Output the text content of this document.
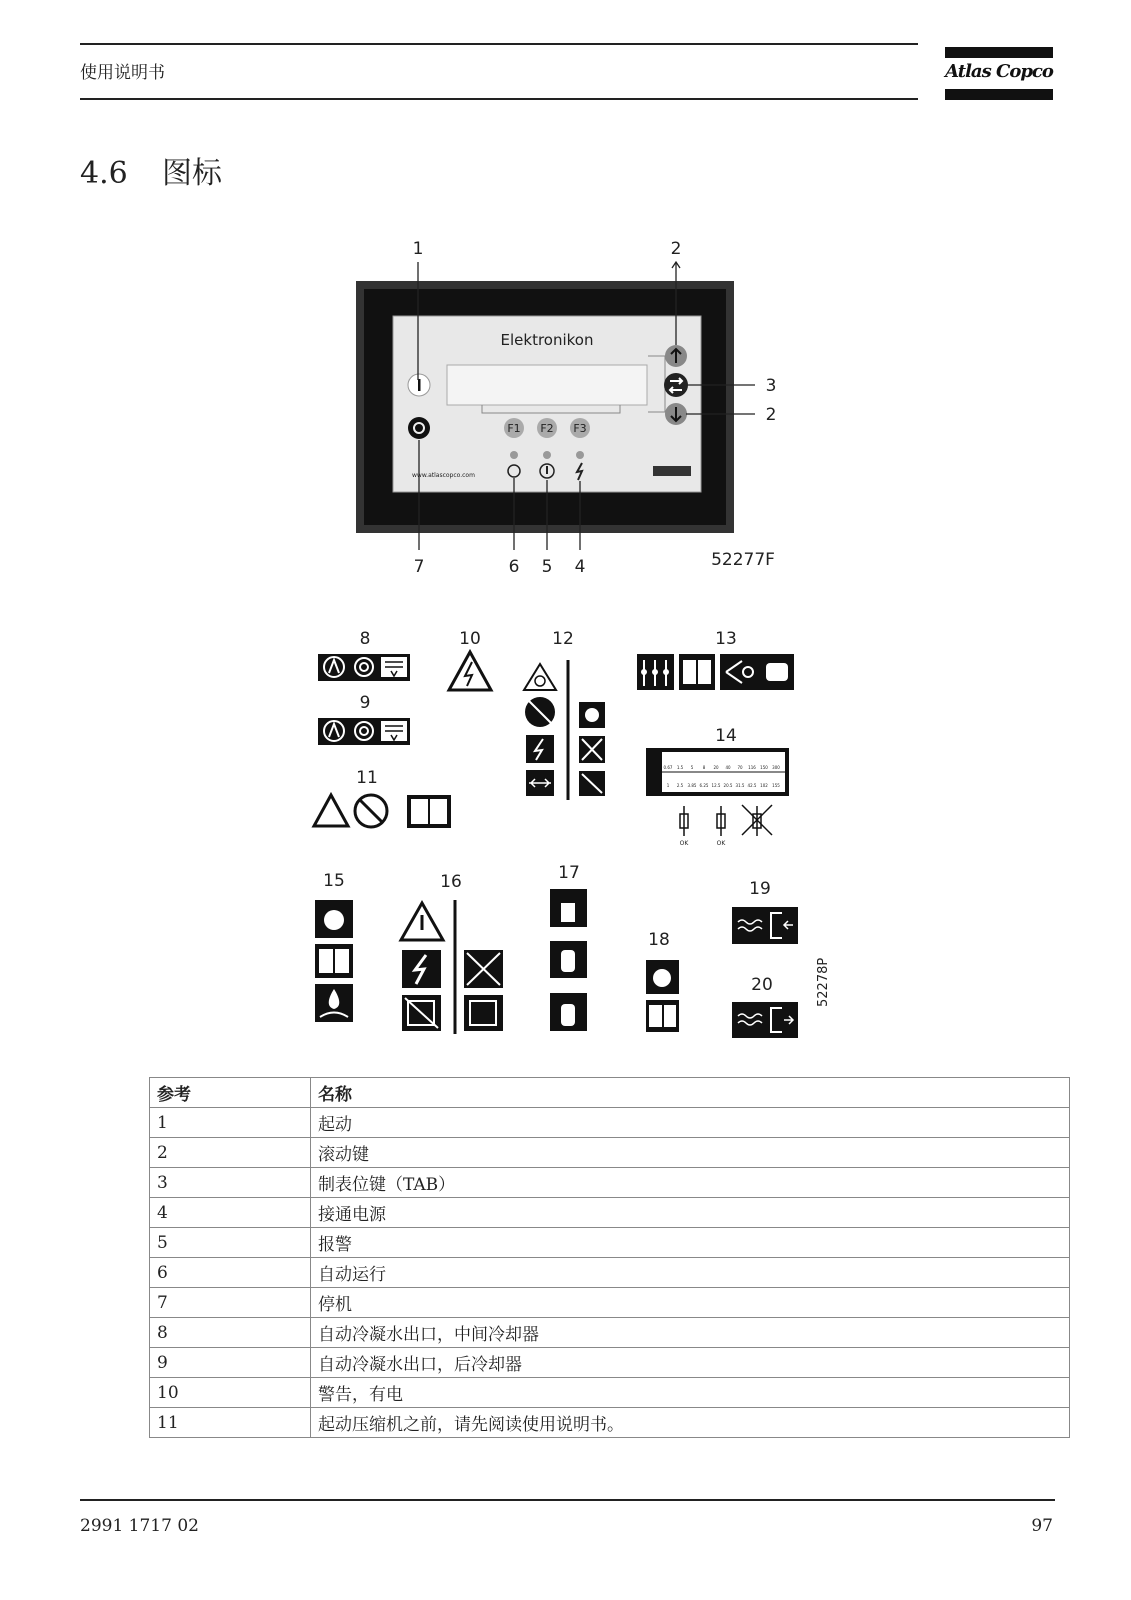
使用说明书	Atlas Copco
4.6 图标
Elektronikon
F1 F2 F3
www.atlascopco.com
1	2
3
2
7	6 5 4	52277F
8
9
10
11
12	13
14
15	16	17
18
19
20
0.67 1.5 5 8 20 40 70 116 150 300
1 2.5 3.85 6.25 12.5 20.5 31.5 42.5 102 155
OK	OK
52278P
参考	名称
1	起动
2	滚动键
3	制表位键（TAB）
4	接通电源
5	报警
6	自动运行
7	停机
8	自动冷凝水出口，中间冷却器
9	自动冷凝水出口，后冷却器
10	警告，有电
11	起动压缩机之前，请先阅读使用说明书。
2991 1717 02	97
